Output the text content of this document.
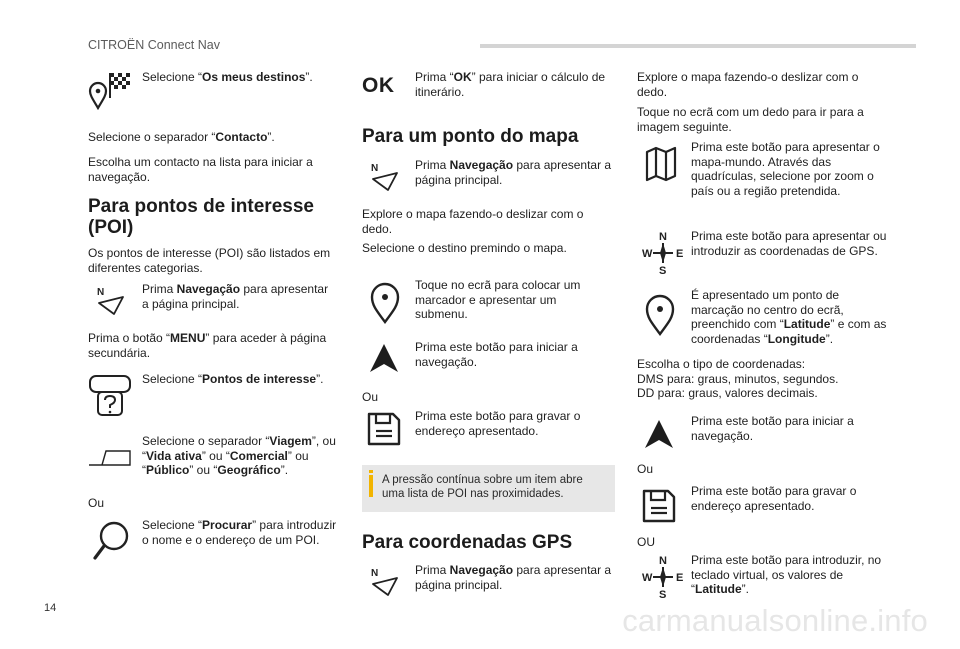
CITROËN Connect Nav
14	carmanualsonline.info
Selecione “Os meus destinos”.
Selecione o separador “Contacto”.
Escolha um contacto na lista para iniciar a navegação.
Para pontos de interesse (POI)
Os pontos de interesse (POI) são listados em diferentes categorias.
N	Prima Navegação para apresentar a página principal.
Prima o botão “MENU” para aceder à página secundária.
Selecione “Pontos de interesse”.
Selecione o separador “Viagem”, ou “Vida ativa” ou “Comercial” ou “Público” ou “Geográfico”.
Ou
Selecione “Procurar” para introduzir o nome e o endereço de um POI.
OK Prima “OK” para iniciar o cálculo de itinerário.
Para um ponto do mapa
N	Prima Navegação para apresentar a página principal.
Explore o mapa fazendo-o deslizar com o dedo.
Selecione o destino premindo o mapa.
Toque no ecrã para colocar um marcador e apresentar um submenu.
Prima este botão para iniciar a navegação.
Ou
Prima este botão para gravar o endereço apresentado.
A pressão contínua sobre um item abre uma lista de POI nas proximidades.
Para coordenadas GPS
N	Prima Navegação para apresentar a página principal.
Explore o mapa fazendo-o deslizar com o dedo.
Toque no ecrã com um dedo para ir para a imagem seguinte.
Prima este botão para apresentar o mapa-mundo. Através das quadrículas, selecione por zoom o país ou a região pretendida.
N
W E
S
Prima este botão para apresentar ou introduzir as coordenadas de GPS.
É apresentado um ponto de marcação no centro do ecrã, preenchido com “Latitude” e com as coordenadas “Longitude”.
Escolha o tipo de coordenadas:
DMS para: graus, minutos, segundos.
DD para: graus, valores decimais.
Prima este botão para iniciar a navegação.
Ou
Prima este botão para gravar o endereço apresentado.
OU
N
W E
S
Prima este botão para introduzir, no teclado virtual, os valores de “Latitude”.
